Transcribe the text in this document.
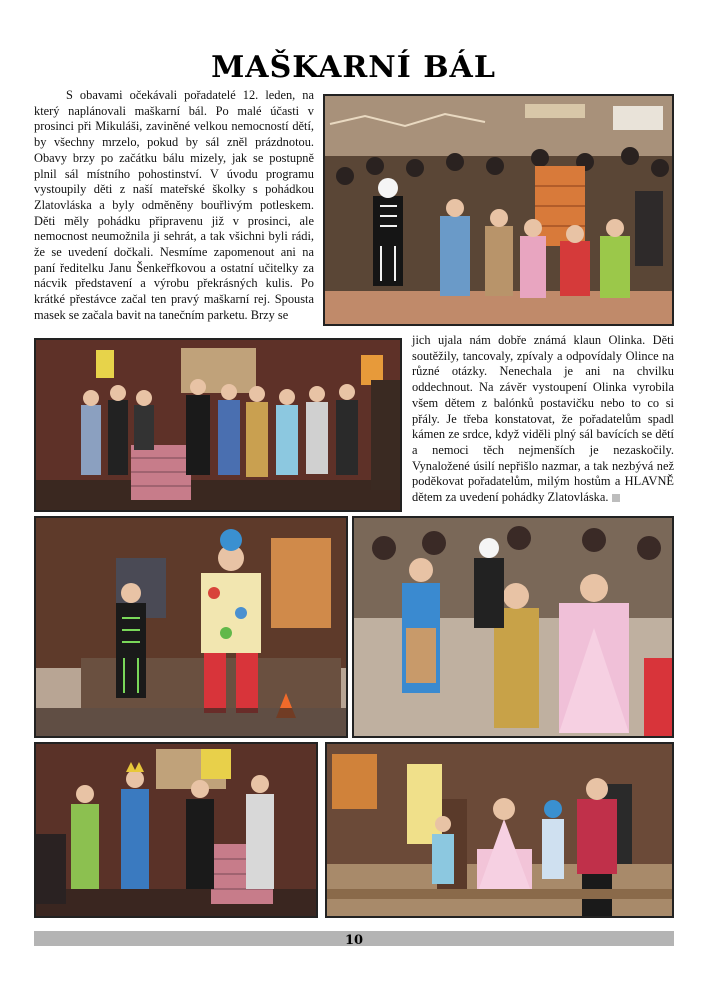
MAŠKARNÍ BÁL

S obavami očekávali pořadatelé 12. leden, na který naplánovali maškarní bál. Po malé účasti v prosinci při Mikuláši, zaviněné velkou nemocností dětí, by všechny mrzelo, pokud by sál zněl prázdnotou. Obavy brzy po začátku bálu mizely, jak se postupně plnil sál místního pohostinství. V úvodu programu vystoupily děti z naší mateřské školky s pohádkou Zlatovláska a byly odměněny bouřlivým potleskem. Děti měly pohádku připravenu již v prosinci, ale nemocnost neumožnila ji sehrát, a tak všichni byli rádi, že se uvedení dočkali. Nesmíme zapomenout ani na paní ředitelku Janu Šenkeřfkovou a ostatní učitelky za nácvik představení a výrobu překrásných kulis. Po krátké přestávce začal ten pravý maškarní rej. Spousta masek se začala bavit na tanečním parketu. Brzy se

jich ujala nám dobře známá klaun Olinka. Děti soutěžily, tancovaly, zpívaly a odpovídaly Olince na různé otázky. Nenechala je ani na chvilku oddechnout. Na závěr vystoupení Olinka vyrobila všem dětem z balónků postavičku nebo to co si přály. Je třeba konstatovat, že pořadatelům spadl kámen ze srdce, když viděli plný sál bavících se dětí a nemoci těch nejmenších je nezaskočily. Vynaložené úsilí nepřišlo nazmar, a tak nezbývá než poděkovat pořadatelům, milým hostům a HLAVNĚ dětem za uvedení pohádky Zlatovláska.

10
